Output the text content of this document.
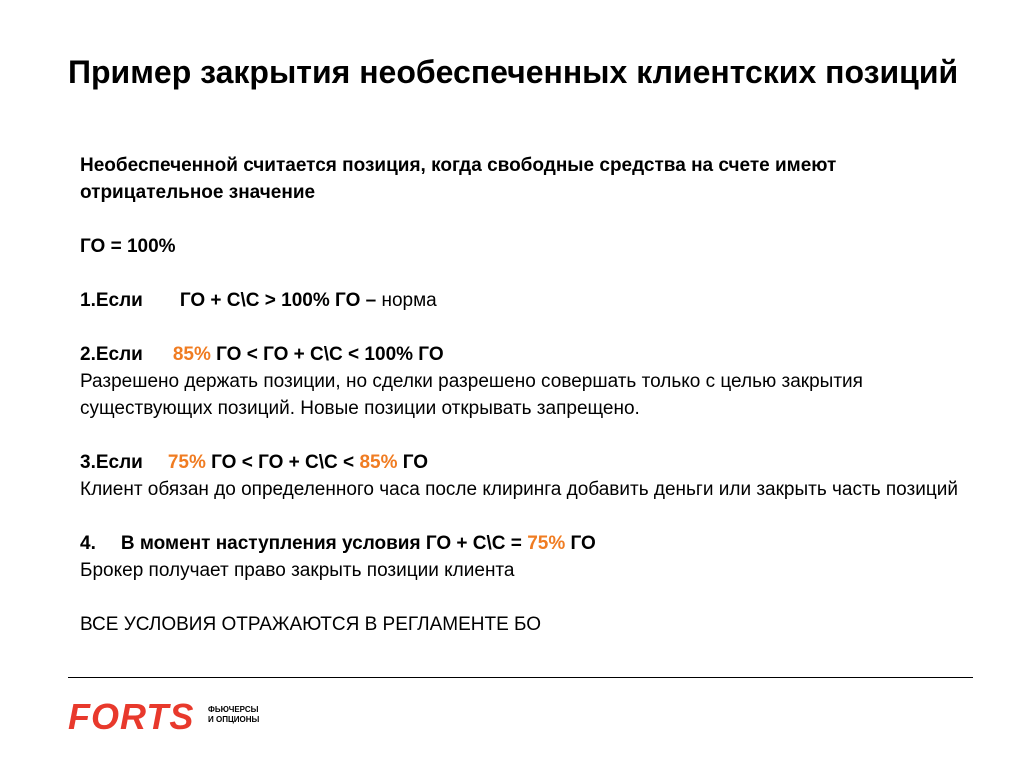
Пример закрытия необеспеченных клиентских позиций

Необеспеченной считается позиция, когда свободные средства на счете имеют отрицательное значение

ГО = 100%

1.Если ГО + С\С > 100% ГО – норма

2.Если 85% ГО < ГО + С\С < 100% ГО

Разрешено держать позиции, но сделки разрешено совершать только с целью закрытия существующих позиций. Новые позиции открывать запрещено.

3.Если 75% ГО < ГО + С\С < 85% ГО

Клиент обязан до определенного часа после клиринга добавить деньги или закрыть часть позиций

4. В момент наступления условия ГО + С\С = 75% ГО

Брокер получает право закрыть позиции клиента

ВСЕ УСЛОВИЯ ОТРАЖАЮТСЯ В РЕГЛАМЕНТЕ БО

FORTS ФЬЮЧЕРСЫ
И ОПЦИОНЫ
